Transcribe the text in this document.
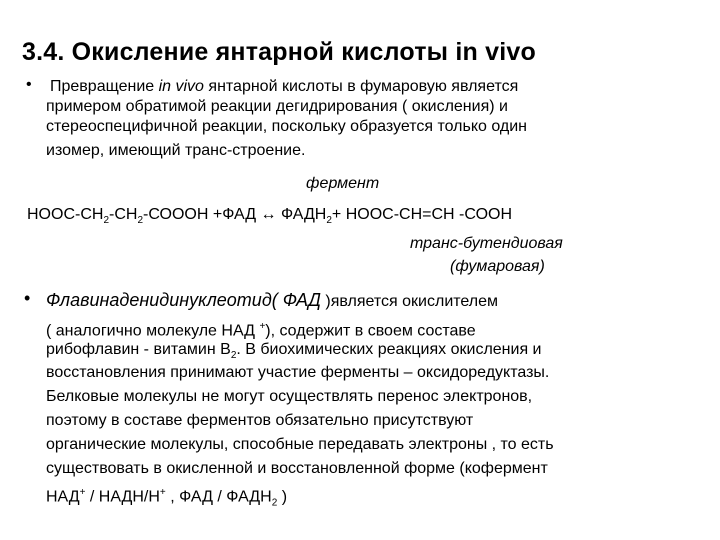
3.4. Окисление янтарной кислоты in vivo
• Превращение in vivo янтарной кислоты в фумаровую является
примером обратимой реакции дегидрирования ( окисления) и
стереоспецифичной реакции, поскольку образуется только один
изомер, имеющий транс-строение.
фермент
НООС-$СН_2-СН_2$-СОООН +ФАД ↔ $ФАДН_2+$ НООС-СН=СН -СООН
транс-бутендиовая
(фумаровая)
• Флавинаденидинуклеотид( ФАД )является окислителем
( аналогично молекуле НАД +), содержит в своем составе
рибофлавин - витамин $В_2$. В биохимических реакциях окисления и
восстановления принимают участие ферменты – оксидоредуктазы.
Белковые молекулы не могут осуществлять перенос электронов,
поэтому в составе ферментов обязательно присутствуют
органические молекулы, способные передавать электроны , то есть
существовать в окисленной и восстановленной форме (кофермент
НАД+ / НАДН/Н+ , ФАД / $ФАДН_2$ )
